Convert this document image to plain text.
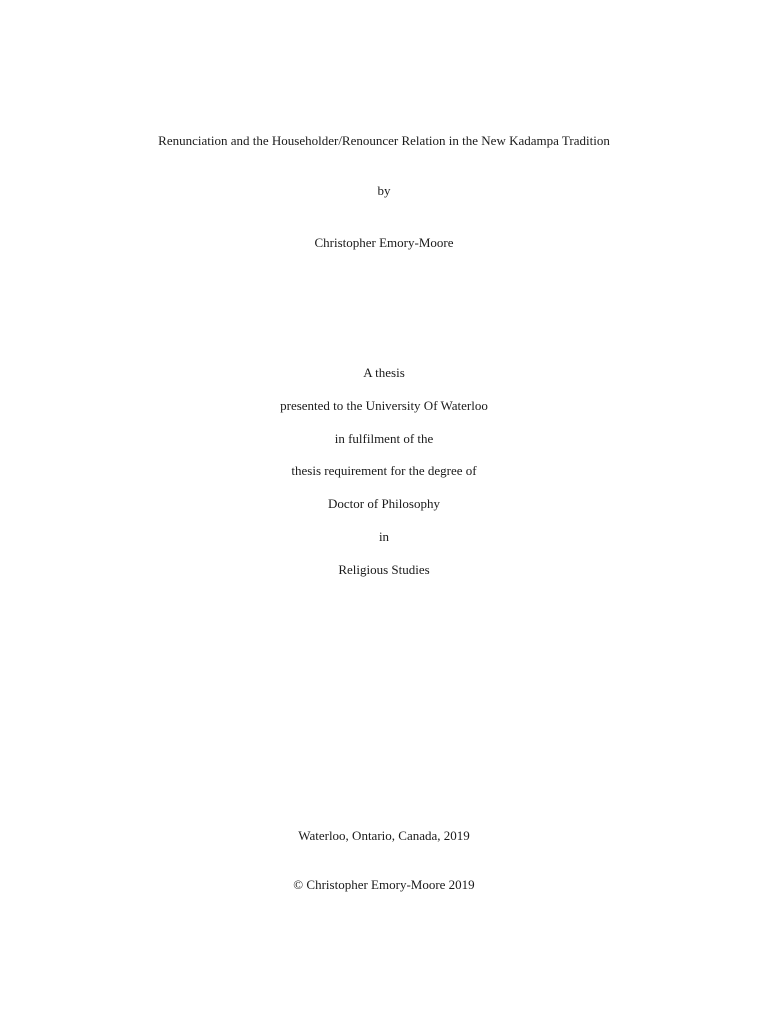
Renunciation and the Householder/Renouncer Relation in the New Kadampa Tradition
by
Christopher Emory-Moore
A thesis
presented to the University Of Waterloo
in fulfilment of the
thesis requirement for the degree of
Doctor of Philosophy
in
Religious Studies
Waterloo, Ontario, Canada, 2019
© Christopher Emory-Moore 2019
